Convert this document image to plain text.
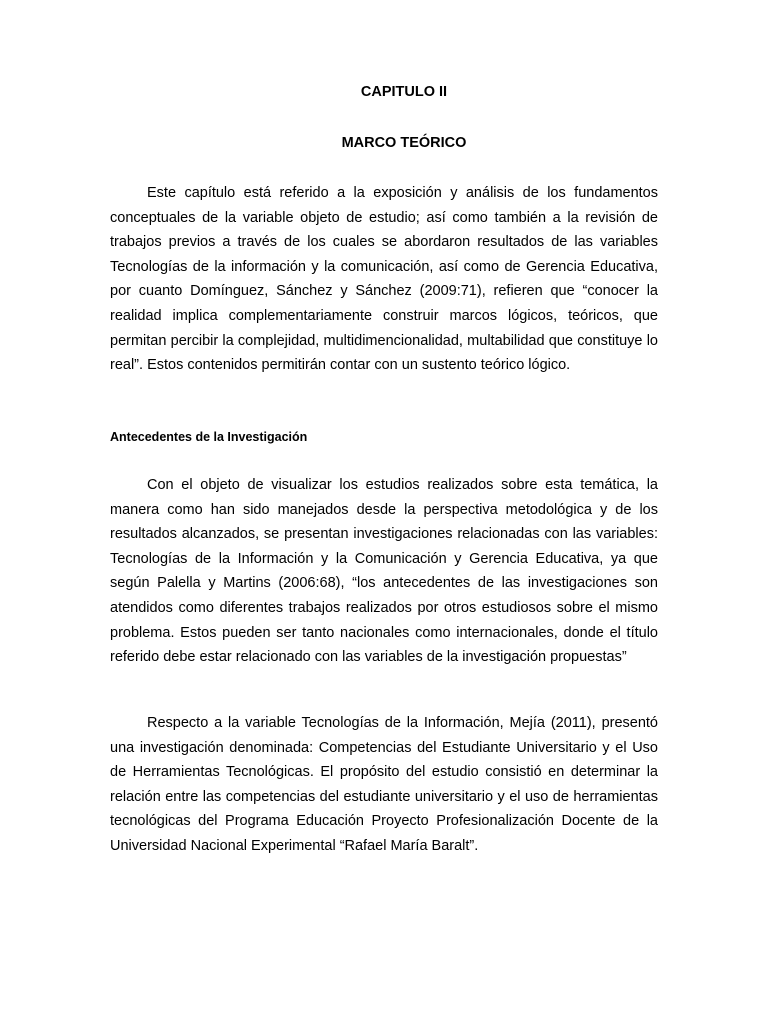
CAPITULO II
MARCO TEÓRICO

Este capítulo está referido a la exposición y análisis de los fundamentos conceptuales de la variable objeto de estudio; así como también a la revisión de trabajos previos a través de los cuales se abordaron resultados de las variables Tecnologías de la información y la comunicación, así como de Gerencia Educativa, por cuanto Domínguez, Sánchez y Sánchez (2009:71), refieren que “conocer la realidad implica complementariamente construir marcos lógicos, teóricos, que permitan percibir la complejidad, multidimencionalidad, multabilidad que constituye lo real”. Estos contenidos permitirán contar con un sustento teórico lógico.

Antecedentes de la Investigación

Con el objeto de visualizar los estudios realizados sobre esta temática, la manera como han sido manejados desde la perspectiva metodológica y de los resultados alcanzados, se presentan investigaciones relacionadas con las variables: Tecnologías de la Información y la Comunicación y Gerencia Educativa, ya que según Palella y Martins (2006:68), “los antecedentes de las investigaciones son atendidos como diferentes trabajos realizados por otros estudiosos sobre el mismo problema. Estos pueden ser tanto nacionales como internacionales, donde el título referido debe estar relacionado con las variables de la investigación propuestas”

Respecto a la variable Tecnologías de la Información, Mejía (2011), presentó una investigación denominada: Competencias del Estudiante Universitario y el Uso de Herramientas Tecnológicas. El propósito del estudio consistió en determinar la relación entre las competencias del estudiante universitario y el uso de herramientas tecnológicas del Programa Educación Proyecto Profesionalización Docente de la Universidad Nacional Experimental “Rafael María Baralt”.
